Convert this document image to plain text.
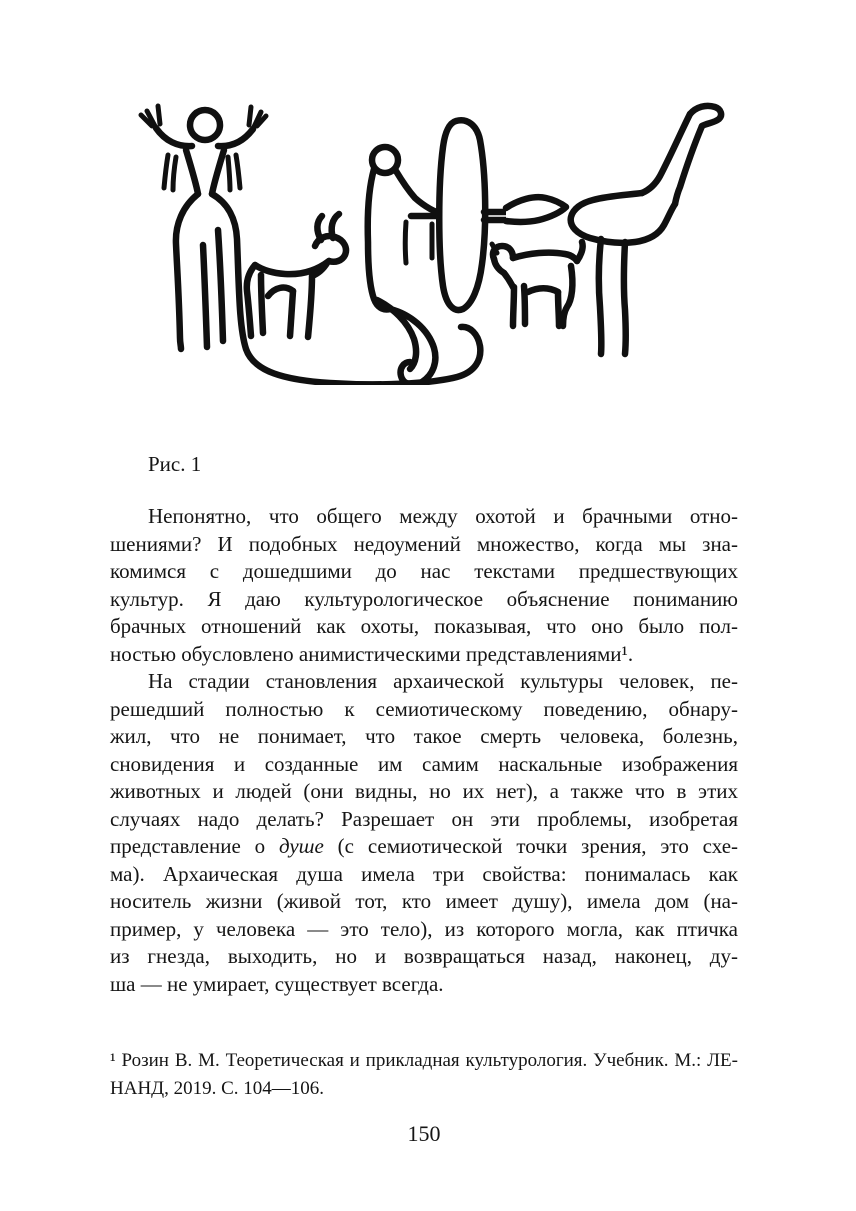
Рис. 1

Непонятно, что общего между охотой и брачными отно-
шениями? И подобных недоумений множество, когда мы зна-
комимся с дошедшими до нас текстами предшествующих
культур. Я даю культурологическое объяснение пониманию
брачных отношений как охоты, показывая, что оно было пол-
ностью обусловлено анимистическими представлениями¹.

На стадии становления архаической культуры человек, пе-
решедший полностью к семиотическому поведению, обнару-
жил, что не понимает, что такое смерть человека, болезнь,
сновидения и созданные им самим наскальные изображения
животных и людей (они видны, но их нет), а также что в этих
случаях надо делать? Разрешает он эти проблемы, изобретая
представление о душе (с семиотической точки зрения, это схе-
ма). Архаическая душа имела три свойства: понималась как
носитель жизни (живой тот, кто имеет душу), имела дом (на-
пример, у человека — это тело), из которого могла, как птичка
из гнезда, выходить, но и возвращаться назад, наконец, ду-
ша — не умирает, существует всегда.

¹ Розин В. М. Теоретическая и прикладная культурология. Учебник. М.: ЛЕ-
НАНД, 2019. С. 104—106.
150
